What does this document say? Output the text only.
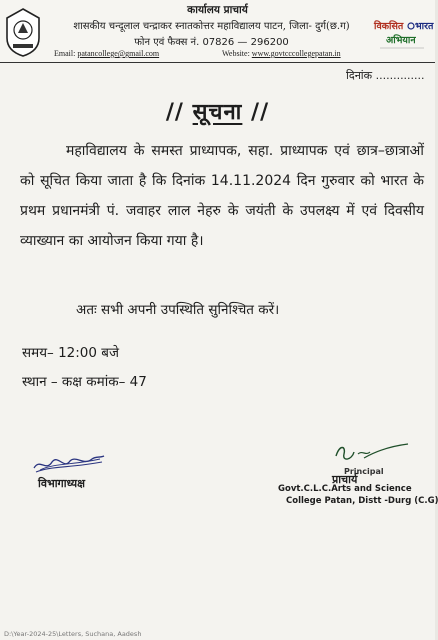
कार्यालय प्राचार्य
शासकीय चन्दूलाल चन्द्राकर स्नातकोत्तर महाविद्यालय पाटन, जिला- दुर्ग(छ.ग)
फोन एवं फैक्स नं. 07826 — 296200
Email: patancollege@gmail.com	Website: www.govtcccollegepatan.in
विकसित भारत
अभियान
दिनांक ..............
// सूचना //

महाविद्यालय के समस्त प्राध्यापक, सहा. प्राध्यापक एवं छात्र–छात्राओं को सूचित किया जाता है कि दिनांक 14.11.2024 दिन गुरुवार को भारत के प्रथम प्रधानमंत्री पं. जवाहर लाल नेहरु के जयंती के उपलक्ष्य में एवं दिवसीय व्याख्यान का आयोजन किया गया है।

अतः सभी अपनी उपस्थिति सुनिश्चित करें।
समय– 12:00 बजे
स्थान – कक्ष कमांक– 47
विभागाध्यक्ष
Principal
प्राचार्य
Govt.C.L.C.Arts and Science
College Patan, Distt -Durg (C.G)
D:\Year-2024-25\Letters, Suchana, Aadesh
